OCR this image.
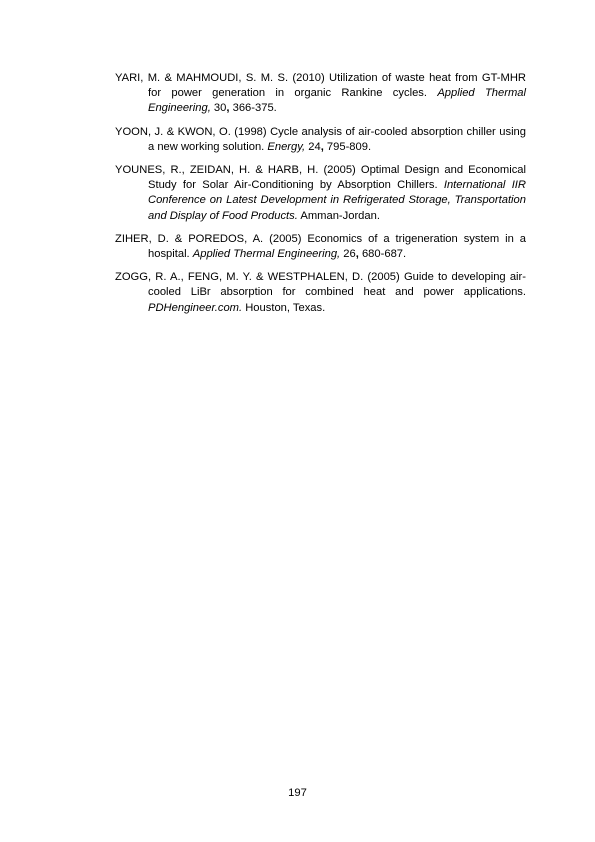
YARI, M. & MAHMOUDI, S. M. S. (2010) Utilization of waste heat from GT-MHR for power generation in organic Rankine cycles. Applied Thermal Engineering, 30, 366-375.

YOON, J. & KWON, O. (1998) Cycle analysis of air-cooled absorption chiller using a new working solution. Energy, 24, 795-809.

YOUNES, R., ZEIDAN, H. & HARB, H. (2005) Optimal Design and Economical Study for Solar Air-Conditioning by Absorption Chillers. International IIR Conference on Latest Development in Refrigerated Storage, Transportation and Display of Food Products. Amman-Jordan.

ZIHER, D. & POREDOS, A. (2005) Economics of a trigeneration system in a hospital. Applied Thermal Engineering, 26, 680-687.

ZOGG, R. A., FENG, M. Y. & WESTPHALEN, D. (2005) Guide to developing air-cooled LiBr absorption for combined heat and power applications. PDHengineer.com. Houston, Texas.

197
